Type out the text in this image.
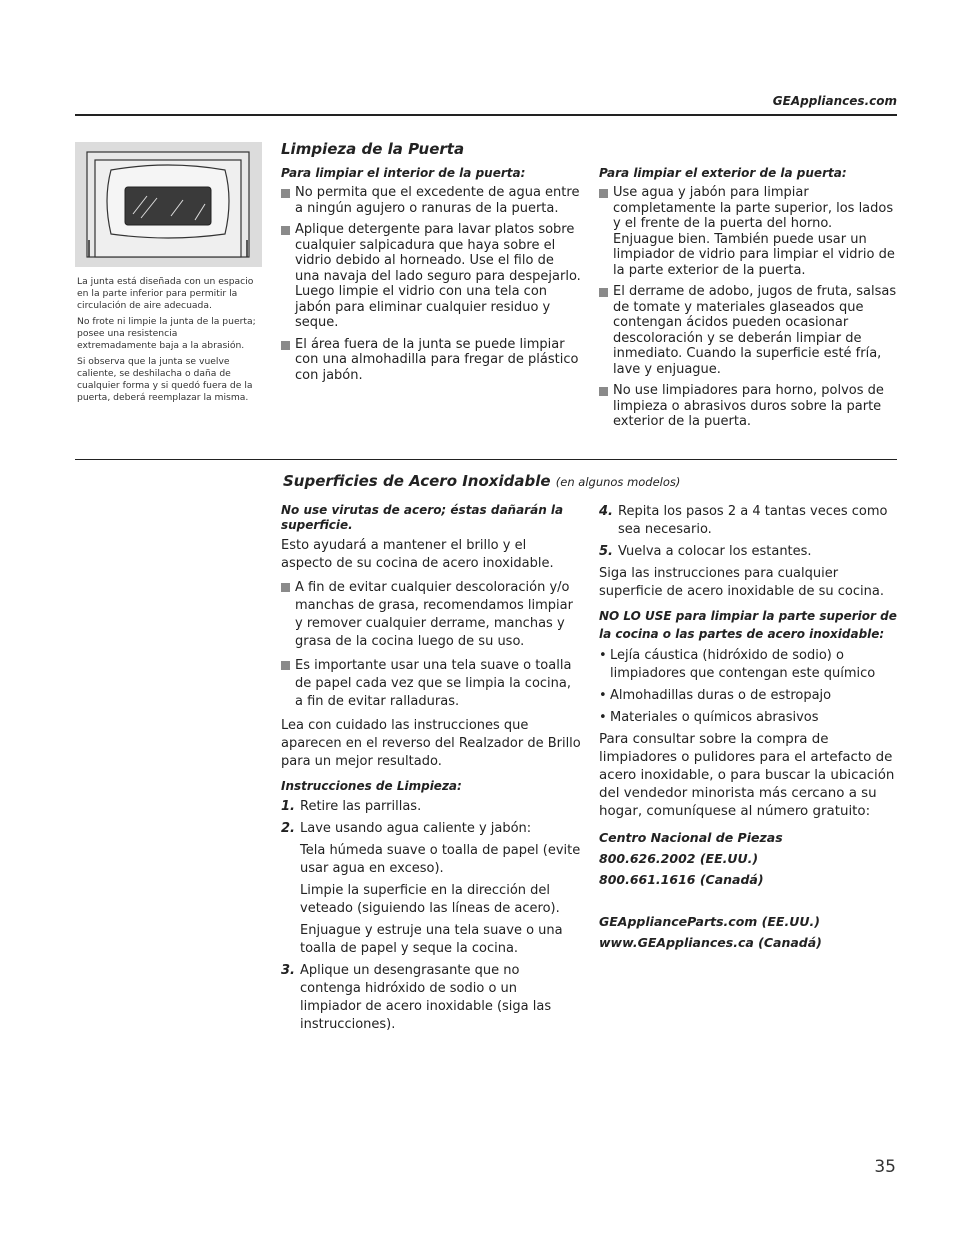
GEAppliances.com

La junta está diseñada con un espacio en la parte inferior para permitir la circulación de aire adecuada.

No frote ni limpie la junta de la puerta; posee una resistencia extremadamente baja a la abrasión.

Si observa que la junta se vuelve caliente, se deshilacha o daña de cualquier forma y si quedó fuera de la puerta, deberá reemplazar la misma.

Limpieza de la Puerta

Para limpiar el interior de la puerta:

No permita que el excedente de agua entre a ningún agujero o ranuras de la puerta.

Aplique detergente para lavar platos sobre cualquier salpicadura que haya sobre el vidrio debido al horneado. Use el filo de una navaja del lado seguro para despejarlo. Luego limpie el vidrio con una tela con jabón para eliminar cualquier residuo y seque.

El área fuera de la junta se puede limpiar con una almohadilla para fregar de plástico con jabón.

Para limpiar el exterior de la puerta:

Use agua y jabón para limpiar completamente la parte superior, los lados y el frente de la puerta del horno. Enjuague bien. También puede usar un limpiador de vidrio para limpiar el vidrio de la parte exterior de la puerta.

El derrame de adobo, jugos de fruta, salsas de tomate y materiales glaseados que contengan ácidos pueden ocasionar descoloración y se deberán limpiar de inmediato. Cuando la superficie esté fría, lave y enjuague.

No use limpiadores para horno, polvos de limpieza o abrasivos duros sobre la parte exterior de la puerta.

Superficies de Acero Inoxidable (en algunos modelos)

No use virutas de acero; éstas dañarán la superficie.

Esto ayudará a mantener el brillo y el aspecto de su cocina de acero inoxidable.

A fin de evitar cualquier descoloración y/o manchas de grasa, recomendamos limpiar y remover cualquier derrame, manchas y grasa de la cocina luego de su uso.

Es importante usar una tela suave o toalla de papel cada vez que se limpia la cocina, a fin de evitar ralladuras.

Lea con cuidado las instrucciones que aparecen en el reverso del Realzador de Brillo para un mejor resultado.

Instrucciones de Limpieza:

1. Retire las parrillas.

2. Lave usando agua caliente y jabón:

Tela húmeda suave o toalla de papel (evite usar agua en exceso).

Limpie la superficie en la dirección del veteado (siguiendo las líneas de acero).

Enjuague y estruje una tela suave o una toalla de papel y seque la cocina.

3. Aplique un desengrasante que no contenga hidróxido de sodio o un limpiador de acero inoxidable (siga las instrucciones).

4. Repita los pasos 2 a 4 tantas veces como sea necesario.

5. Vuelva a colocar los estantes.

Siga las instrucciones para cualquier superficie de acero inoxidable de su cocina.

NO LO USE para limpiar la parte superior de la cocina o las partes de acero inoxidable:

• Lejía cáustica (hidróxido de sodio) o limpiadores que contengan este químico

• Almohadillas duras o de estropajo

• Materiales o químicos abrasivos

Para consultar sobre la compra de limpiadores o pulidores para el artefacto de acero inoxidable, o para buscar la ubicación del vendedor minorista más cercano a su hogar, comuníquese al número gratuito:

Centro Nacional de Piezas

800.626.2002 (EE.UU.)

800.661.1616 (Canadá)

GEApplianceParts.com (EE.UU.)

www.GEAppliances.ca (Canadá)

35
